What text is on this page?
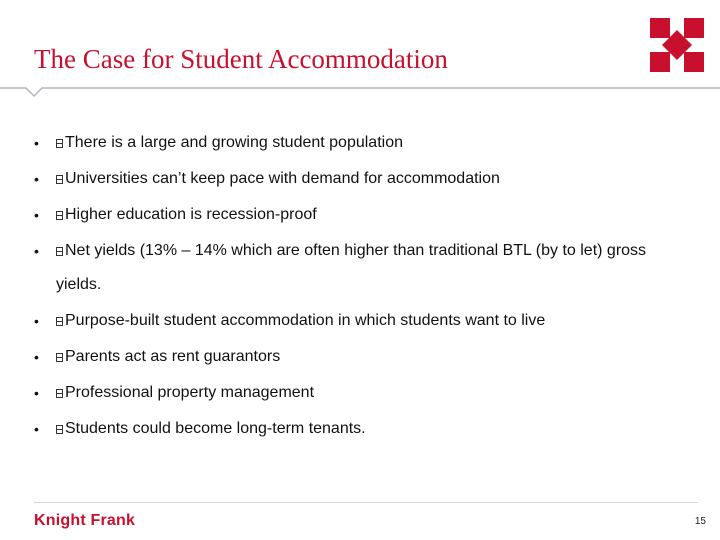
The Case for Student Accommodation
•	There is a large and growing student population
•	Universities can’t keep pace with demand for accommodation
•	Higher education is recession-proof
•	Net yields (13% – 14% which are often higher than traditional BTL (by to let) gross yields.
•	Purpose-built student accommodation in which students want to live
•	Parents act as rent guarantors
•	Professional property management
•	Students could become long-term tenants.
Knight Frank	15
